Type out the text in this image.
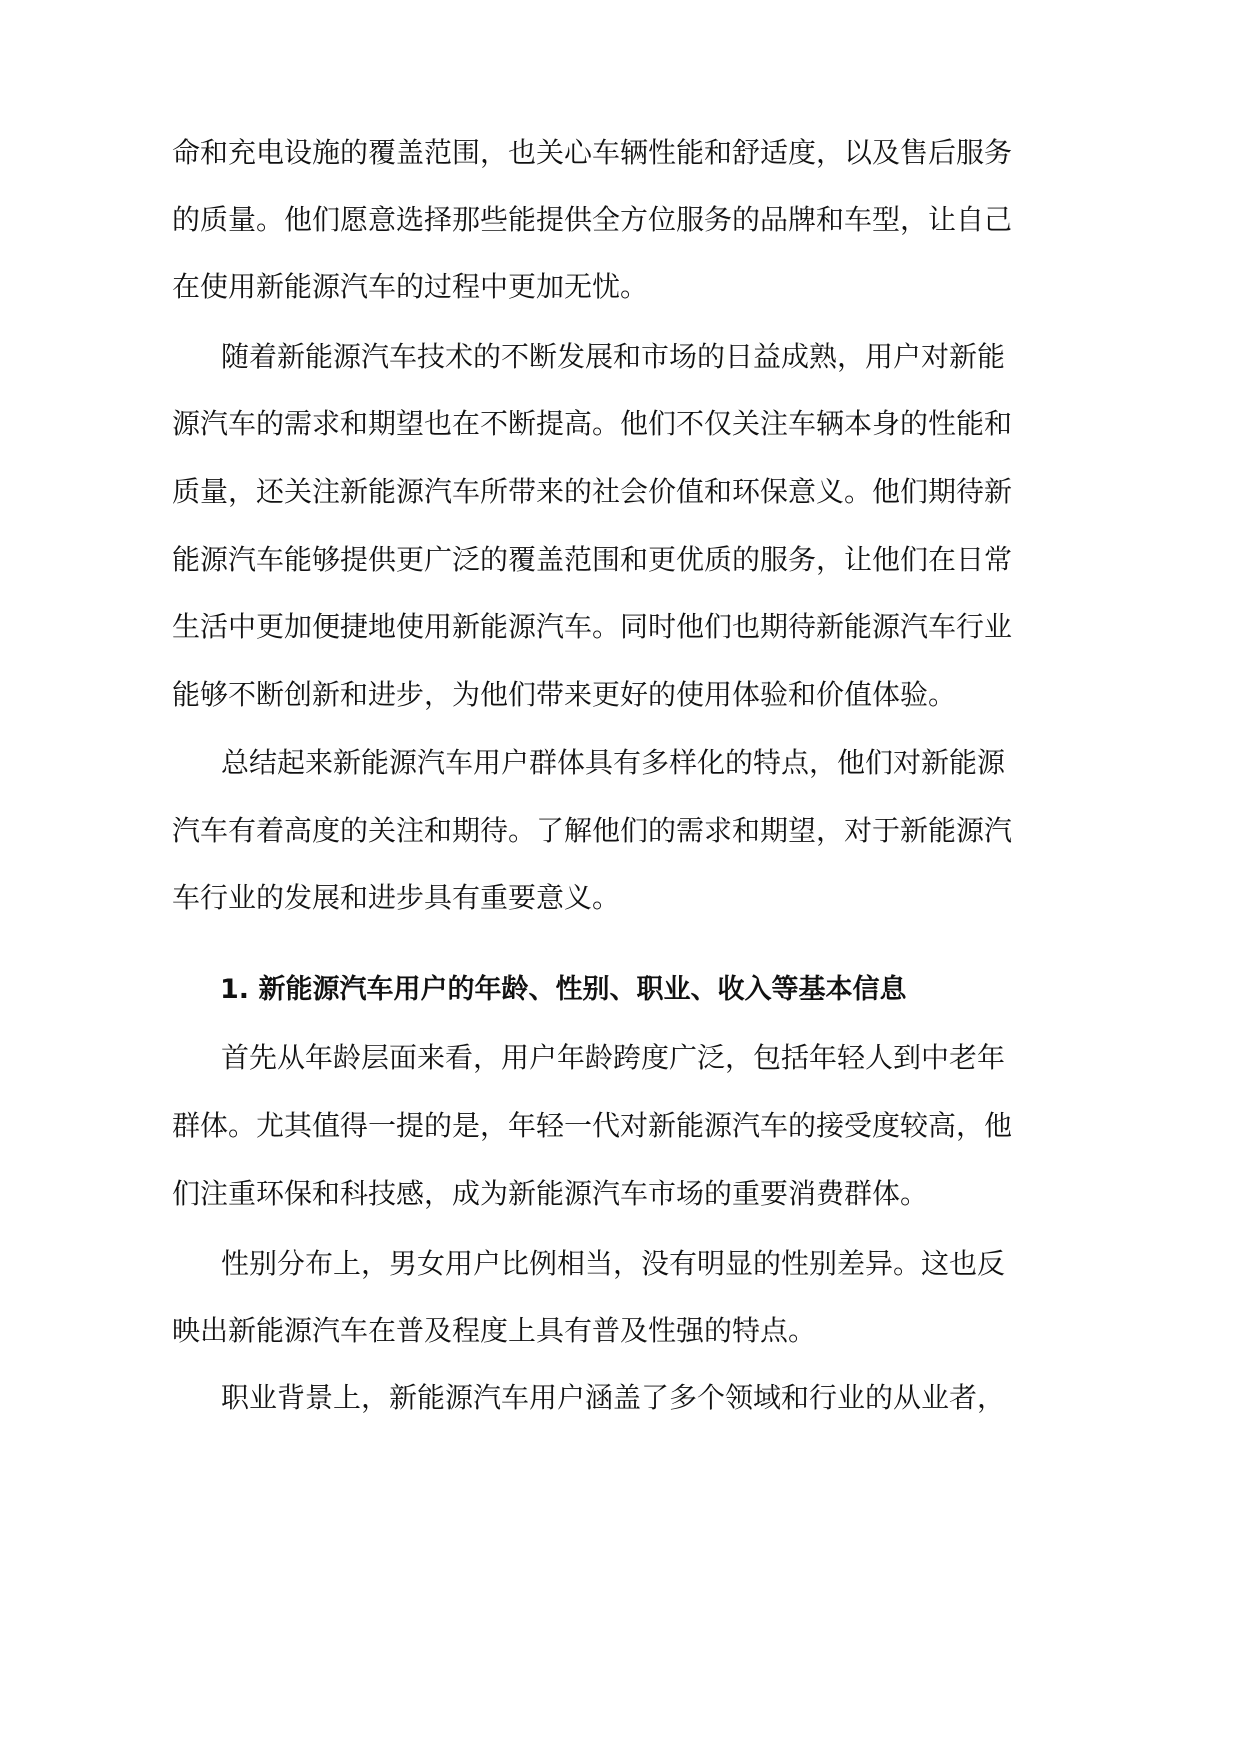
命和充电设施的覆盖范围，也关心车辆性能和舒适度，以及售后服务

的质量。他们愿意选择那些能提供全方位服务的品牌和车型，让自己

在使用新能源汽车的过程中更加无忧。

随着新能源汽车技术的不断发展和市场的日益成熟，用户对新能

源汽车的需求和期望也在不断提高。他们不仅关注车辆本身的性能和

质量，还关注新能源汽车所带来的社会价值和环保意义。他们期待新

能源汽车能够提供更广泛的覆盖范围和更优质的服务，让他们在日常

生活中更加便捷地使用新能源汽车。同时他们也期待新能源汽车行业

能够不断创新和进步，为他们带来更好的使用体验和价值体验。

总结起来新能源汽车用户群体具有多样化的特点，他们对新能源

汽车有着高度的关注和期待。了解他们的需求和期望，对于新能源汽

车行业的发展和进步具有重要意义。

1. 新能源汽车用户的年龄、性别、职业、收入等基本信息

首先从年龄层面来看，用户年龄跨度广泛，包括年轻人到中老年

群体。尤其值得一提的是，年轻一代对新能源汽车的接受度较高，他

们注重环保和科技感，成为新能源汽车市场的重要消费群体。

性别分布上，男女用户比例相当，没有明显的性别差异。这也反

映出新能源汽车在普及程度上具有普及性强的特点。

职业背景上，新能源汽车用户涵盖了多个领域和行业的从业者，
